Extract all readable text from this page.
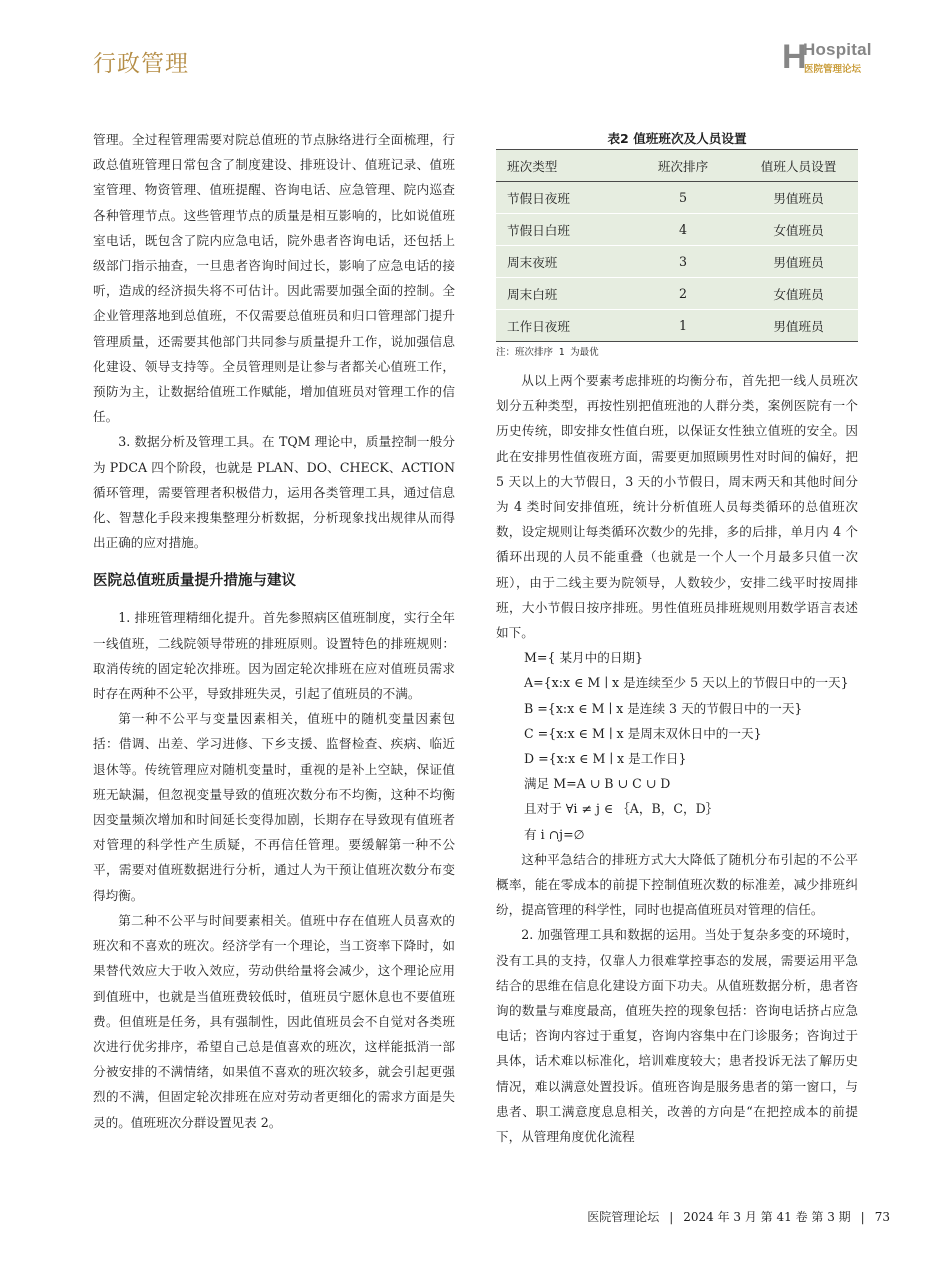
行政管理	H
Hospital
医院管理论坛

管理。全过程管理需要对院总值班的节点脉络进行全面梳理，行政总值班管理日常包含了制度建设、排班设计、值班记录、值班室管理、物资管理、值班提醒、咨询电话、应急管理、院内巡查各种管理节点。这些管理节点的质量是相互影响的，比如说值班室电话，既包含了院内应急电话，院外患者咨询电话，还包括上级部门指示抽查，一旦患者咨询时间过长，影响了应急电话的接听，造成的经济损失将不可估计。因此需要加强全面的控制。全企业管理落地到总值班，不仅需要总值班员和归口管理部门提升管理质量，还需要其他部门共同参与质量提升工作，说加强信息化建设、领导支持等。全员管理则是让参与者都关心值班工作，预防为主，让数据给值班工作赋能，增加值班员对管理工作的信任。

3. 数据分析及管理工具。在 TQM 理论中，质量控制一般分为 PDCA 四个阶段，也就是 PLAN、DO、CHECK、ACTION 循环管理，需要管理者积极借力，运用各类管理工具，通过信息化、智慧化手段来搜集整理分析数据，分析现象找出规律从而得出正确的应对措施。

医院总值班质量提升措施与建议

1. 排班管理精细化提升。首先参照病区值班制度，实行全年一线值班，二线院领导带班的排班原则。设置特色的排班规则：取消传统的固定轮次排班。因为固定轮次排班在应对值班员需求时存在两种不公平，导致排班失灵，引起了值班员的不满。

第一种不公平与变量因素相关，值班中的随机变量因素包括：借调、出差、学习进修、下乡支援、监督检查、疾病、临近退休等。传统管理应对随机变量时，重视的是补上空缺，保证值班无缺漏，但忽视变量导致的值班次数分布不均衡，这种不均衡因变量频次增加和时间延长变得加剧，长期存在导致现有值班者对管理的科学性产生质疑，不再信任管理。要缓解第一种不公平，需要对值班数据进行分析，通过人为干预让值班次数分布变得均衡。

第二种不公平与时间要素相关。值班中存在值班人员喜欢的班次和不喜欢的班次。经济学有一个理论，当工资率下降时，如果替代效应大于收入效应，劳动供给量将会减少，这个理论应用到值班中，也就是当值班费较低时，值班员宁愿休息也不要值班费。但值班是任务，具有强制性，因此值班员会不自觉对各类班次进行优劣排序，希望自己总是值喜欢的班次，这样能抵消一部分被安排的不满情绪，如果值不喜欢的班次较多，就会引起更强烈的不满，但固定轮次排班在应对劳动者更细化的需求方面是失灵的。值班班次分群设置见表 2。

表2 值班班次及人员设置
班次类型	班次排序	值班人员设置
节假日夜班	5	男值班员
节假日白班	4	女值班员
周末夜班	3	男值班员
周末白班	2	女值班员
工作日夜班	1	男值班员
注：班次排序 1 为最优

从以上两个要素考虑排班的均衡分布，首先把一线人员班次划分五种类型，再按性别把值班池的人群分类，案例医院有一个历史传统，即安排女性值白班，以保证女性独立值班的安全。因此在安排男性值夜班方面，需要更加照顾男性对时间的偏好，把 5 天以上的大节假日，3 天的小节假日，周末两天和其他时间分为 4 类时间安排值班，统计分析值班人员每类循环的总值班次数，设定规则让每类循环次数少的先排，多的后排，单月内 4 个循环出现的人员不能重叠（也就是一个人一个月最多只值一次班），由于二线主要为院领导，人数较少，安排二线平时按周排班，大小节假日按序排班。男性值班员排班规则用数学语言表述如下。

M={ 某月中的日期}

A={x:x ∈ M ∣ x 是连续至少 5 天以上的节假日中的一天}

B ={x:x ∈ M ∣ x 是连续 3 天的节假日中的一天}

C ={x:x ∈ M ∣ x 是周末双休日中的一天}

D ={x:x ∈ M ∣ x 是工作日}

满足 M=A ∪ B ∪ C ∪ D

且对于 ∀i ≠ j ∈ ｛A，B，C，D｝

有 i ∩j=∅

这种平急结合的排班方式大大降低了随机分布引起的不公平概率，能在零成本的前提下控制值班次数的标准差，减少排班纠纷，提高管理的科学性，同时也提高值班员对管理的信任。

2. 加强管理工具和数据的运用。当处于复杂多变的环境时，没有工具的支持，仅靠人力很难掌控事态的发展，需要运用平急结合的思维在信息化建设方面下功夫。从值班数据分析，患者咨询的数量与难度最高，值班失控的现象包括：咨询电话挤占应急电话；咨询内容过于重复，咨询内容集中在门诊服务；咨询过于具体，话术难以标准化，培训难度较大；患者投诉无法了解历史情况，难以满意处置投诉。值班咨询是服务患者的第一窗口，与患者、职工满意度息息相关，改善的方向是“在把控成本的前提下，从管理角度优化流程

医院管理论坛 | 2024 年 3 月 第 41 卷 第 3 期 | 73
